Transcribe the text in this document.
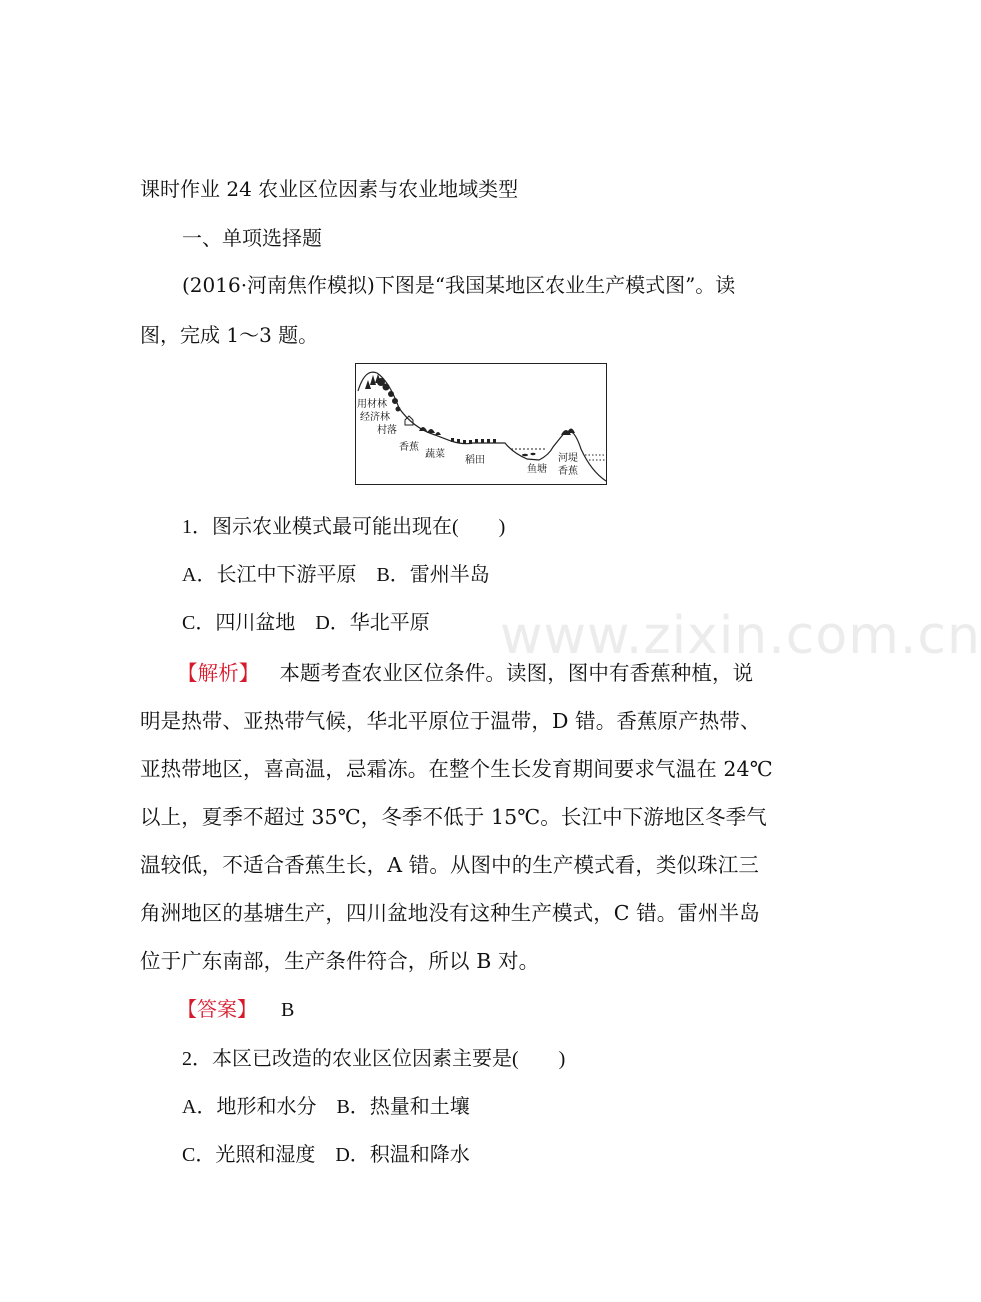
www.zixin.com.cn
课时作业 24 农业区位因素与农业地域类型
一、单项选择题
(2016·河南焦作模拟)下图是“我国某地区农业生产模式图”。读
图，完成 1～3 题。
用材林
经济林
村落
香蕉
蔬菜
稻田
鱼塘
河堤
香蕉
1．图示农业模式最可能出现在(　　)
A．长江中下游平原 B．雷州半岛
C．四川盆地 D．华北平原
【解析】 本题考查农业区位条件。读图，图中有香蕉种植，说
明是热带、亚热带气候，华北平原位于温带，D 错。香蕉原产热带、
亚热带地区，喜高温，忌霜冻。在整个生长发育期间要求气温在 24℃
以上，夏季不超过 35℃，冬季不低于 15℃。长江中下游地区冬季气
温较低，不适合香蕉生长，A 错。从图中的生产模式看，类似珠江三
角洲地区的基塘生产，四川盆地没有这种生产模式，C 错。雷州半岛
位于广东南部，生产条件符合，所以 B 对。
【答案】 B
2．本区已改造的农业区位因素主要是(　　)
A．地形和水分 B．热量和土壤
C．光照和湿度 D．积温和降水
